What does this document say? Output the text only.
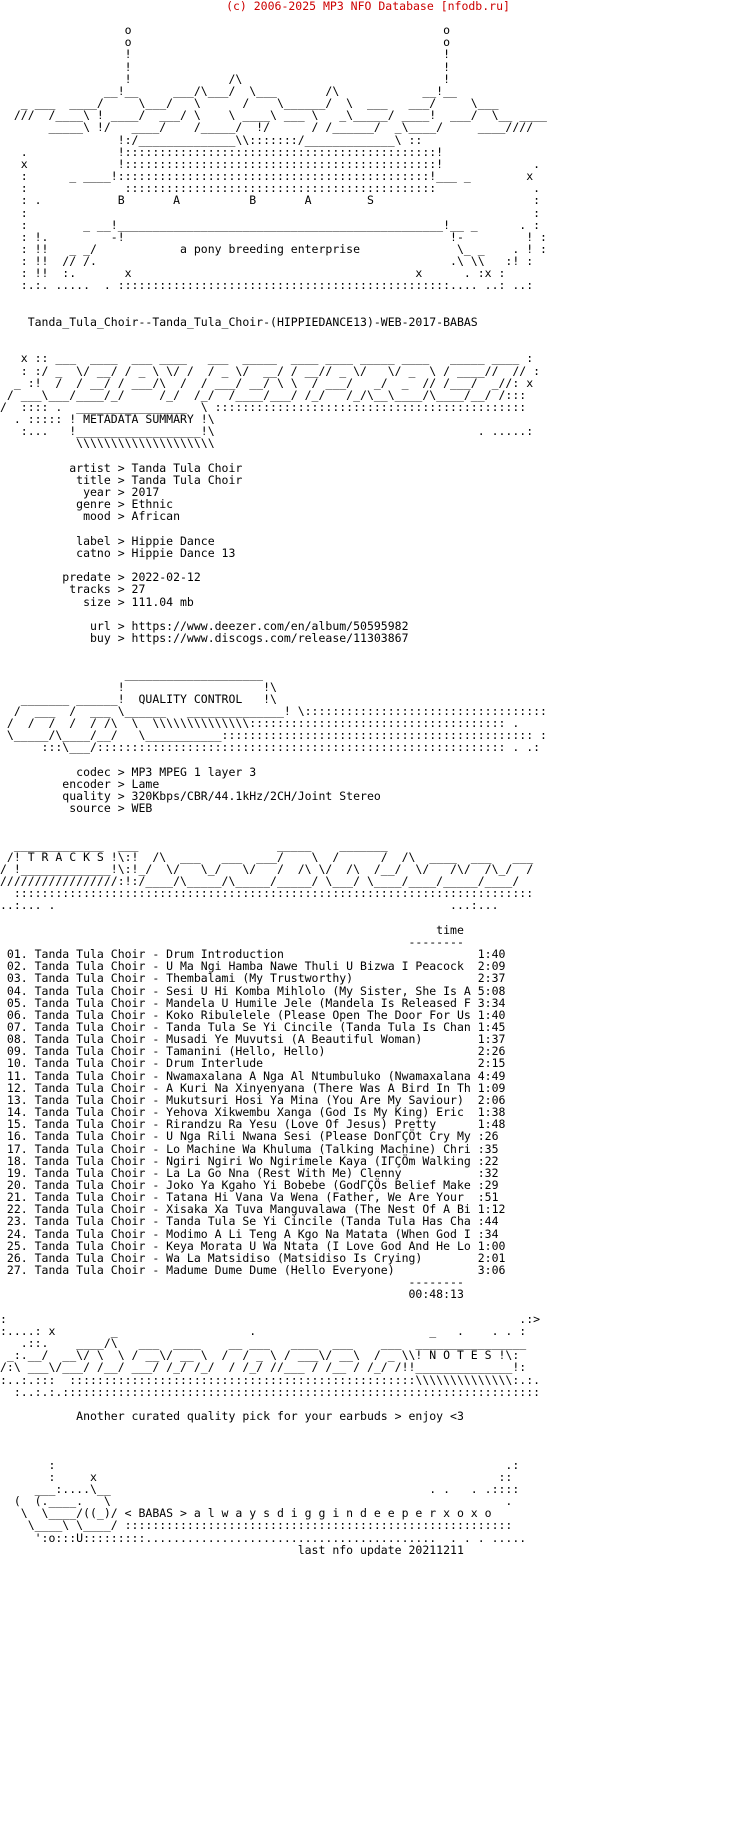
(c) 2006-2025 MP3 NFO Database [nfodb.ru]

o                                             o
o                                             o
!                                             !
!                                             !
!              /\                             !
__!__     ___/\___/  \___       /\            __!__
_ ___  ____/     \___/   \      /    \______/  \  ___   ___/     \___
///  /____\ ! ____/  ___/ \    \ ____\ ___ \   _\_____/ ____!  ___/  \__ ____
_____\ !/   ____/    /_____/  !/      / /______/  _\____/     ____////
!:/______________\\:::::::/_____________\ ::
.             !:::::::::::::::::::::::::::::::::::::::::::::!
x             !:::::::::::::::::::::::::::::::::::::::::::::!             .
:      _ ____!:::::::::::::::::::::::::::::::::::::::::::::!___ _        x
:              :::::::::::::::::::::::::::::::::::::::::::::              .
: .           B       A          B       A        S                       :
:                                                                         :
:        _ __!_______________________________________________!__ _      . :
: !.         -!                                               !-         ! :
: !!   _ _/            a pony breeding enterprise              \_ _    . ! :
: !!  // /.                                                   .\ \\   :! :
: !!  :.       x                                         x      . :x :
:.:. .....  . ::::::::::::::::::::::::::::::::::::::::::::::::.... ..: ..:

Tanda_Tula_Choir--Tanda_Tula_Choir-(HIPPIEDANCE13)-WEB-2017-BABAS

x :: ___  ____  ___ ____   ___  _____  ____ ____ _____ ____   _____ ____ :
: :/ _  \/ __/ / _ \ \/ /  / _ \/  __/ / __// _ \/   \/ _  \ / ____//  // :
_ :!  /  / __/ / ___/\  /  / ___/ __/ \ \  / ___/   _/  _  // /___/  _//: x
/ ___\___/____/_/     /_/  /_/  /____/___/ /_/   /_/\__\____/\____/__/ /:::
/  :::: .  ________________  \ :::::::::::::::::::::::::::::::::::::::::::::
. ::::: ! METADATA SUMMARY !\
:...   !__________________!\                                      . .....:
\\\\\\\\\\\\\\\\\\\\

artist > Tanda Tula Choir
title > Tanda Tula Choir
year > 2017
genre > Ethnic
mood > African

label > Hippie Dance
catno > Hippie Dance 13

predate > 2022-02-12
tracks > 27
size > 111.04 mb

url > https://www.deezer.com/en/album/50595982
buy > https://www.discogs.com/release/11303867

____________________
!                    !\
_______ ______!  QUALITY CONTROL   !\
/  ___  /  ___ \______   ______________! \:::::::::::::::::::::::::::::::::::
/  /  /  /  / /\  \  \\\\\\\\\\\\\\::::::::::::::::::::::::::::::::::::: .
\_____/\____/__/   \___________::::::::::::::::::::::::::::::::::::::::::::: :
:::\___/::::::::::::::::::::::::::::::::::::::::::::::::::::::::::: . .:

codec > MP3 MPEG 1 layer 3
encoder > Lame
quality > 320Kbps/CBR/44.1kHz/2CH/Joint Stereo
source > WEB

_____________  ___                    _____    _______
/! T R A C K S !\:!  /\  ___   ___  ___/    \  /      /  /\  ____  ___   ___
/ !_____________!\:!_/  \/   \_/   \/   /  /\ \/  /\  /__/  \/   /\/  /\_/  /
/////////////////:!:/____/\_____/\_____/_____/ \___/ \____/____/_____/____/
:::::::::::::::::::::::::::::::::::::::::::::::::::::::::::::::::::::::::::
..:... .                                                         ...:...

time
--------
01. Tanda Tula Choir - Drum Introduction                            1:40
02. Tanda Tula Choir - U Ma Ngi Hamba Nawe Thuli U Bizwa I Peacock  2:09
03. Tanda Tula Choir - Thembalami (My Trustworthy)                  2:37
04. Tanda Tula Choir - Sesi U Hi Komba Mihlolo (My Sister, She Is A 5:08
05. Tanda Tula Choir - Mandela U Humile Jele (Mandela Is Released F 3:34
06. Tanda Tula Choir - Koko Ribulelele (Please Open The Door For Us 1:40
07. Tanda Tula Choir - Tanda Tula Se Yi Cincile (Tanda Tula Is Chan 1:45
08. Tanda Tula Choir - Musadi Ye Muvutsi (A Beautiful Woman)        1:37
09. Tanda Tula Choir - Tamanini (Hello, Hello)                      2:26
10. Tanda Tula Choir - Drum Interlude                               2:15
11. Tanda Tula Choir - Nwamaxalana A Nga Al Ntumbuluko (Nwamaxalana 4:49
12. Tanda Tula Choir - A Kuri Na Xinyenyana (There Was A Bird In Th 1:09
13. Tanda Tula Choir - Mukutsuri Hosi Ya Mina (You Are My Saviour)  2:06
14. Tanda Tula Choir - Yehova Xikwembu Xanga (God Is My King) Eric  1:38
15. Tanda Tula Choir - Rirandzu Ra Yesu (Love Of Jesus) Pretty      1:48
16. Tanda Tula Choir - U Nga Rili Nwana Sesi (Please DonΓÇÖt Cry My :26
17. Tanda Tula Choir - Lo Machine Wa Khuluma (Talking Machine) Chri :35
18. Tanda Tula Choir - Ngiri Ngiri Wo Ngirimele Kaya (IΓÇÖm Walking :22
19. Tanda Tula Choir - La La Go Nna (Rest With Me) Clenny           :32
20. Tanda Tula Choir - Joko Ya Kgaho Yi Bobebe (GodΓÇÖs Belief Make :29
21. Tanda Tula Choir - Tatana Hi Vana Va Wena (Father, We Are Your  :51
22. Tanda Tula Choir - Xisaka Xa Tuva Manguvalawa (The Nest Of A Bi 1:12
23. Tanda Tula Choir - Tanda Tula Se Yi Cincile (Tanda Tula Has Cha :44
24. Tanda Tula Choir - Modimo A Li Teng A Kgo Na Matata (When God I :34
25. Tanda Tula Choir - Keya Morata U Wa Ntata (I Love God And He Lo 1:00
26. Tanda Tula Choir - Wa La Matsidiso (Matsidiso Is Crying)        2:01
27. Tanda Tula Choir - Madume Dume Dume (Hello Everyone)            3:06
--------
00:48:13

:                                                                          .:>
:....: x        _                   .                         _   .    . . :
.::.    ____/\   ___  ____    __ ___   ____  ___    ___  ________________
_:.__/  __\/ \  \ / __\/ __ \  /  / _ \ / ___\/ __\  / _ \\! N O T E S !\:
/:\ ___\/___/ /__/ ___/ /_/ /_/  / /_/ //___ / /__ / /_/ /!!______________!:
:..:.:::  ::::::::::::::::::::::::::::::::::::::::::::::::::\\\\\\\\\\\\\\:.:.
:..:.:.:::::::::::::::::::::::::::::::::::::::::::::::::::::::::::::::::::::

Another curated quality pick for your earbuds > enjoy <3

:                                                                 .:
:     x                                                          ::
___:....\__                                              . .   . .::::
(  (.____.   \                                                         .
\  \____/((_)/ < BABAS > a l w a y s d i g g i n d e e p e r x o x o
\____\ \____/ ::::::::::::::::::::::::::::::::::::::::::::::::::::::::
':o:::U:::::::::..........................................  . . . .....
last nfo update 20211211
